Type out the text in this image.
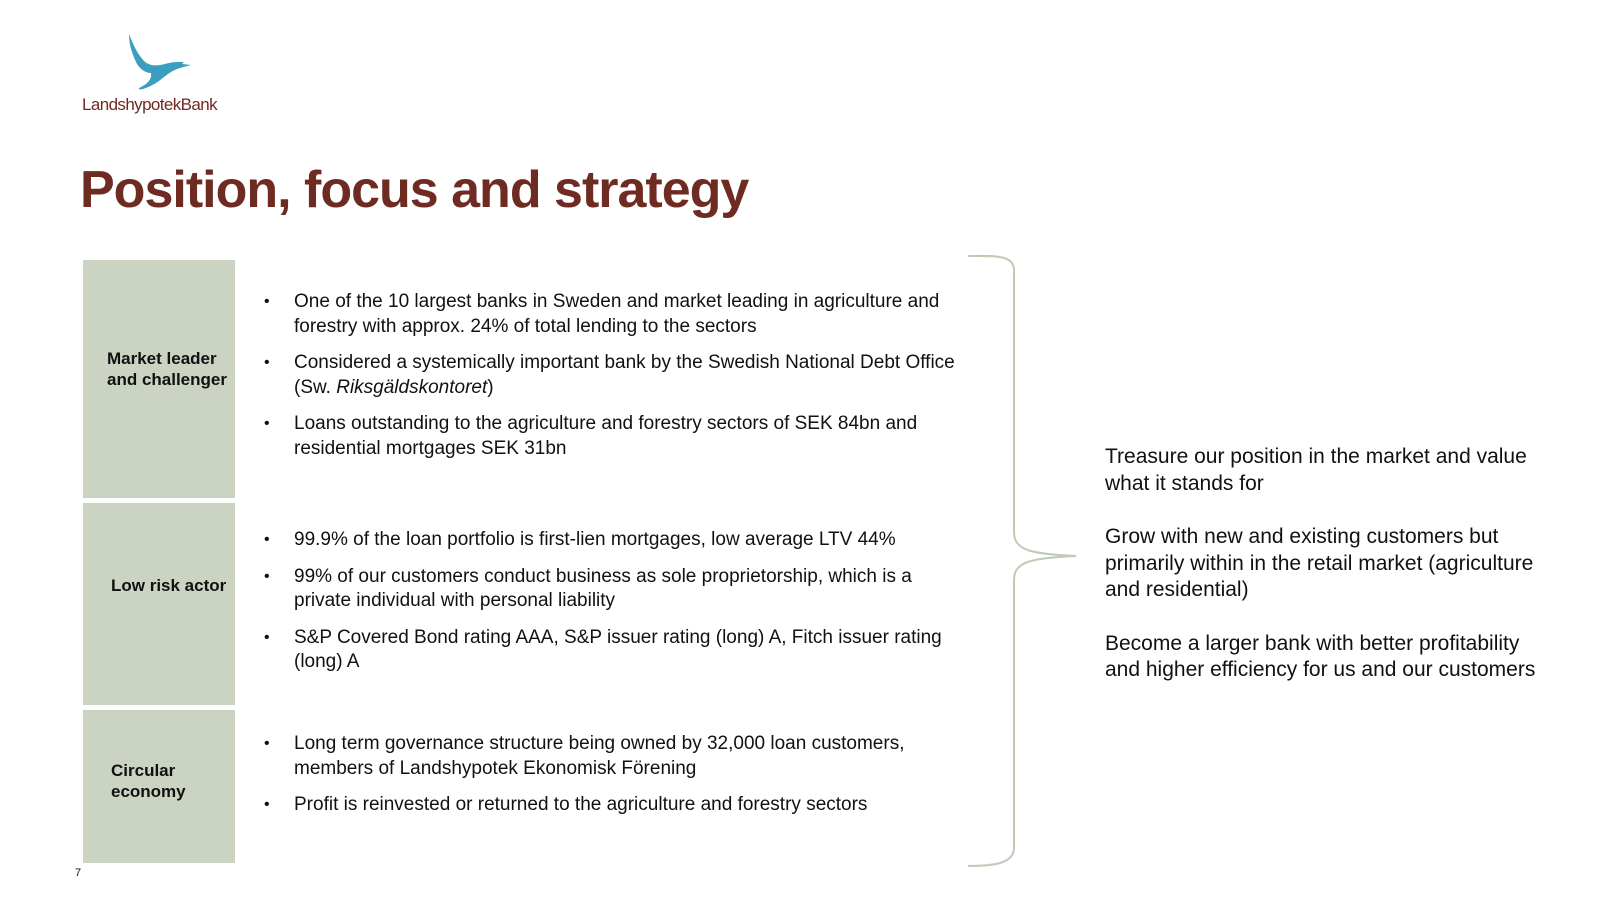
LandshypotekBank
Position, focus and strategy
Market leader and challenger
Low risk actor
Circular economy
• One of the 10 largest banks in Sweden and market leading in agriculture and forestry with approx. 24% of total lending to the sectors
• Considered a systemically important bank by the Swedish National Debt Office (Sw. Riksgäldskontoret)
• Loans outstanding to the agriculture and forestry sectors of SEK 84bn and residential mortgages SEK 31bn
• 99.9% of the loan portfolio is first-lien mortgages, low average LTV 44%
• 99% of our customers conduct business as sole proprietorship, which is a private individual with personal liability
• S&P Covered Bond rating AAA, S&P issuer rating (long) A, Fitch issuer rating (long) A
• Long term governance structure being owned by 32,000 loan customers, members of Landshypotek Ekonomisk Förening
• Profit is reinvested or returned to the agriculture and forestry sectors

Treasure our position in the market and value what it stands for

Grow with new and existing customers but primarily within in the retail market (agriculture and residential)

Become a larger bank with better profitability and higher efficiency for us and our customers

7
